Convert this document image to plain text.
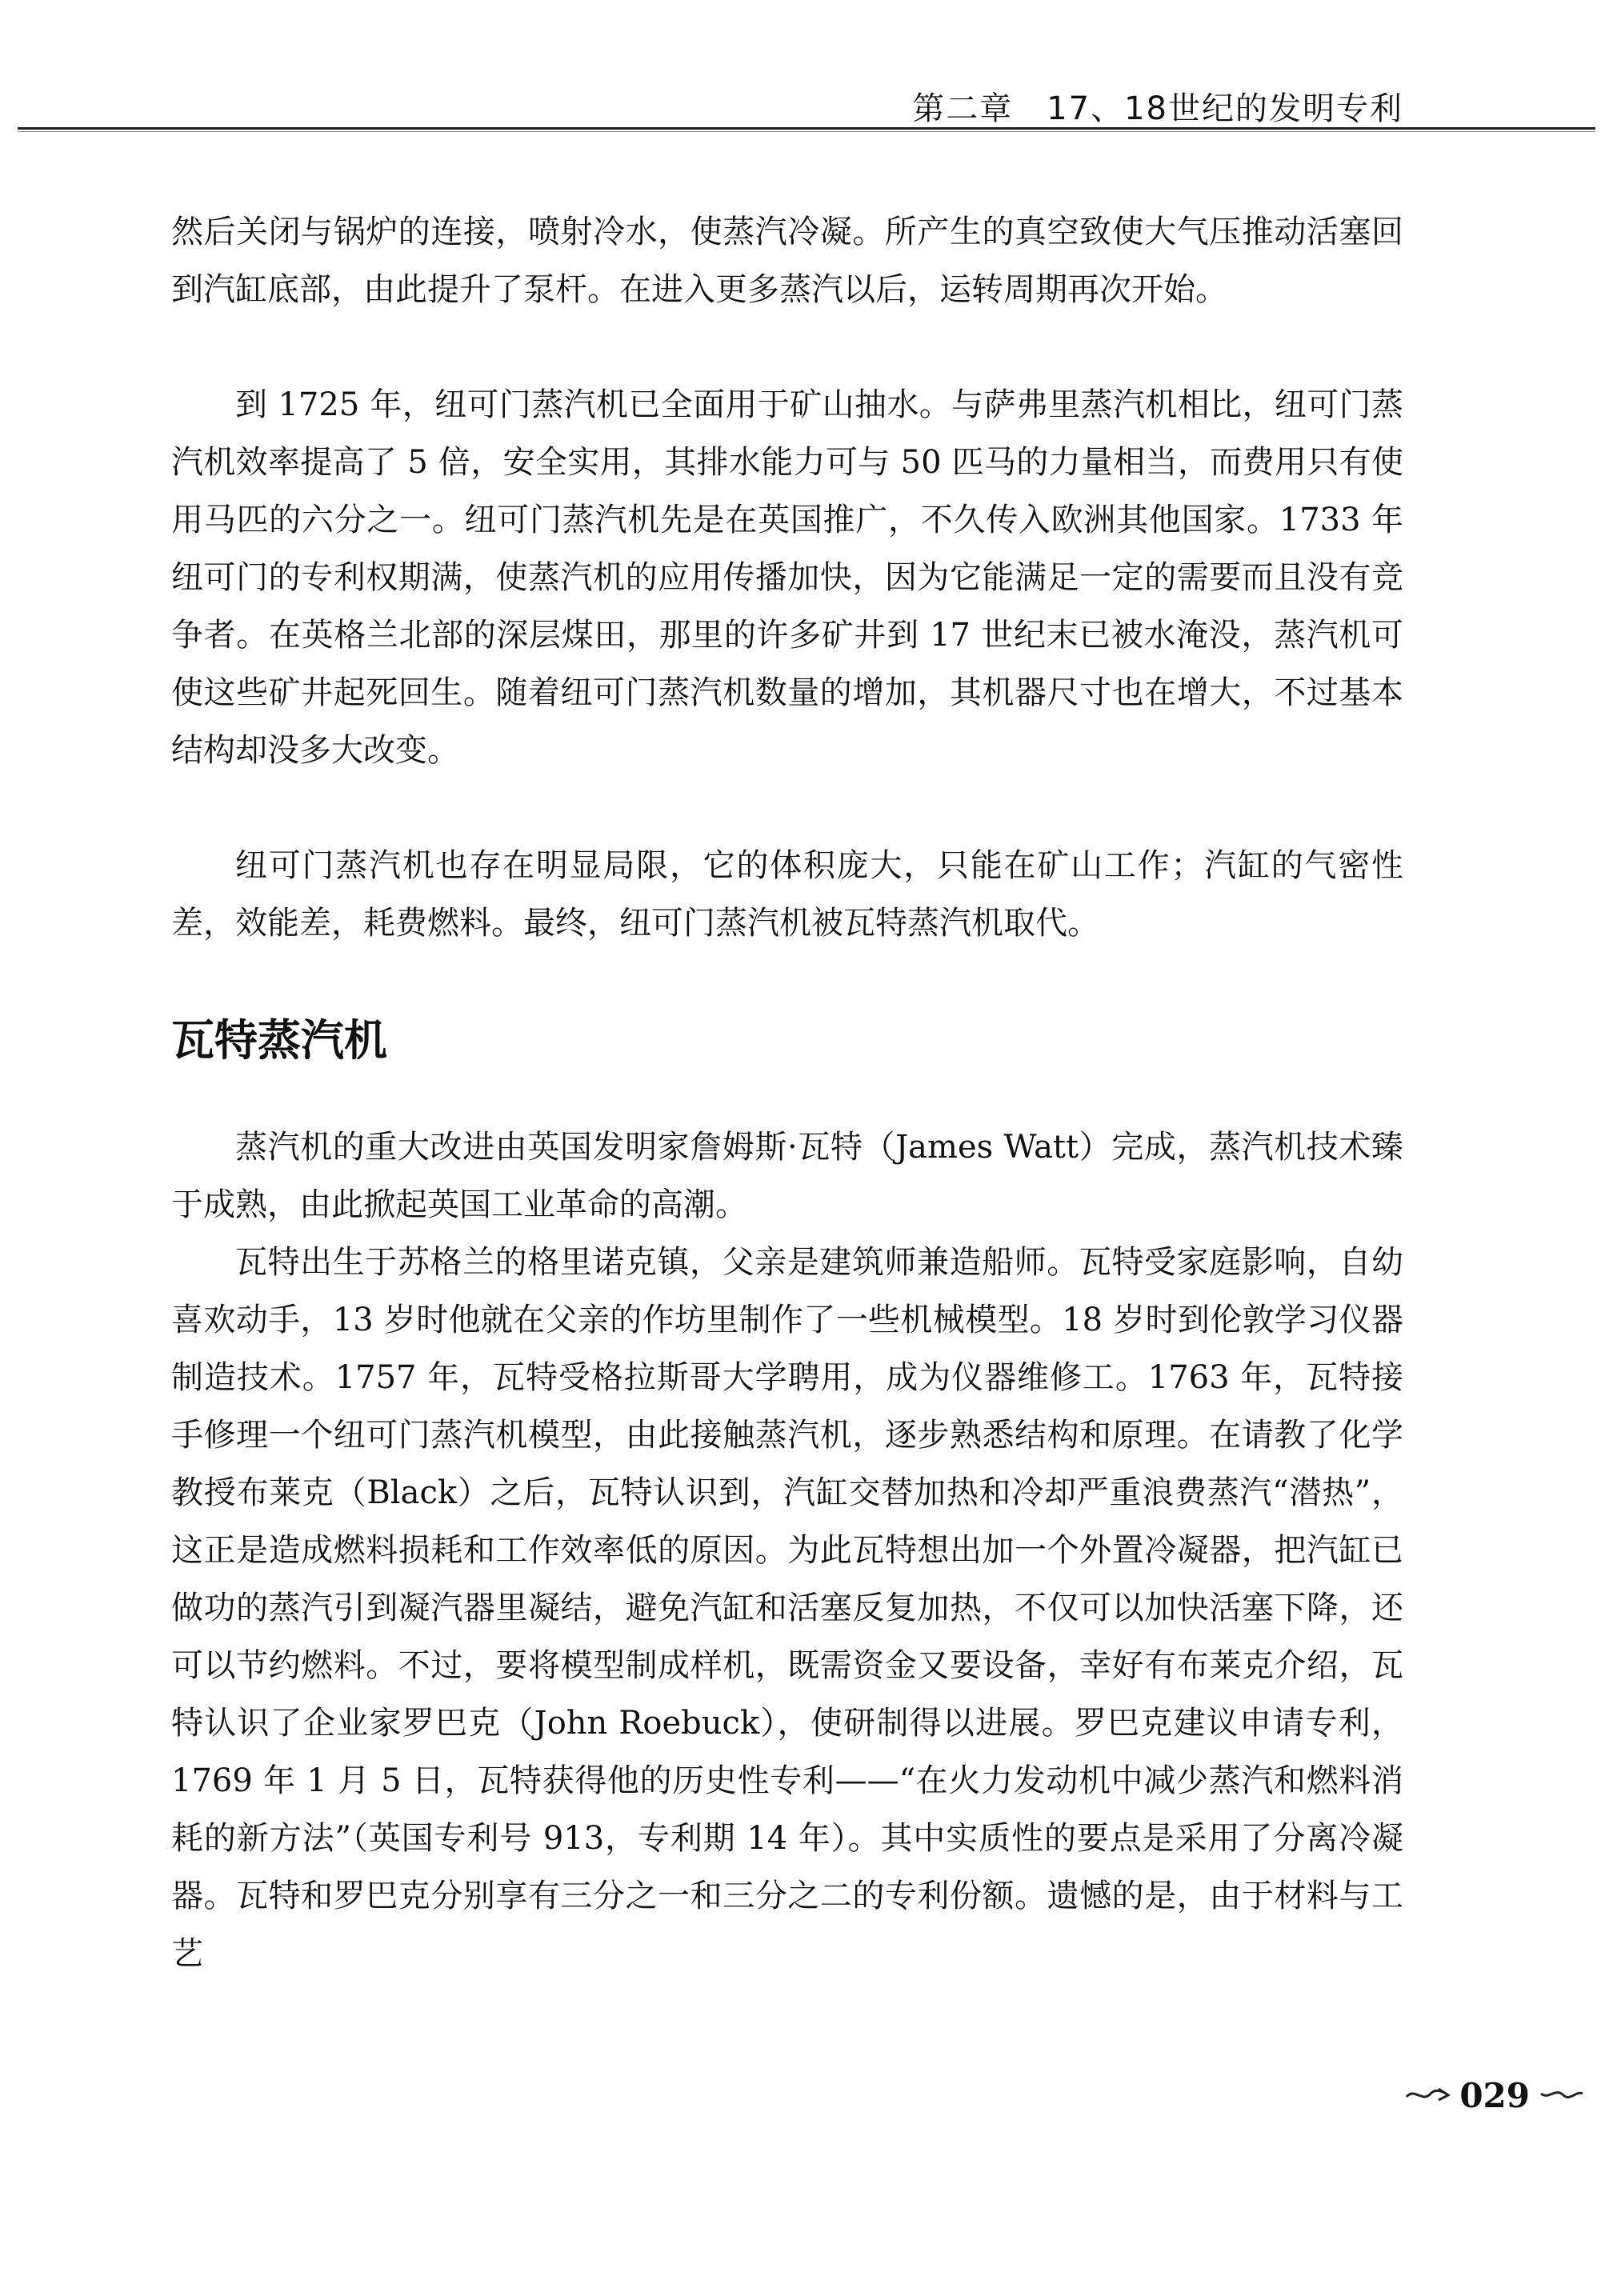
第二章　17、18世纪的发明专利

然后关闭与锅炉的连接，喷射冷水，使蒸汽冷凝。所产生的真空致使大气压推动活塞回到汽缸底部，由此提升了泵杆。在进入更多蒸汽以后，运转周期再次开始。

到 1725 年，纽可门蒸汽机已全面用于矿山抽水。与萨弗里蒸汽机相比，纽可门蒸汽机效率提高了 5 倍，安全实用，其排水能力可与 50 匹马的力量相当，而费用只有使用马匹的六分之一。纽可门蒸汽机先是在英国推广，不久传入欧洲其他国家。1733 年纽可门的专利权期满，使蒸汽机的应用传播加快，因为它能满足一定的需要而且没有竞争者。在英格兰北部的深层煤田，那里的许多矿井到 17 世纪末已被水淹没，蒸汽机可使这些矿井起死回生。随着纽可门蒸汽机数量的增加，其机器尺寸也在增大，不过基本结构却没多大改变。

纽可门蒸汽机也存在明显局限，它的体积庞大，只能在矿山工作；汽缸的气密性差，效能差，耗费燃料。最终，纽可门蒸汽机被瓦特蒸汽机取代。

瓦特蒸汽机

蒸汽机的重大改进由英国发明家詹姆斯·瓦特（James Watt）完成，蒸汽机技术臻于成熟，由此掀起英国工业革命的高潮。

瓦特出生于苏格兰的格里诺克镇，父亲是建筑师兼造船师。瓦特受家庭影响，自幼喜欢动手，13 岁时他就在父亲的作坊里制作了一些机械模型。18 岁时到伦敦学习仪器制造技术。1757 年，瓦特受格拉斯哥大学聘用，成为仪器维修工。1763 年，瓦特接手修理一个纽可门蒸汽机模型，由此接触蒸汽机，逐步熟悉结构和原理。在请教了化学教授布莱克（Black）之后，瓦特认识到，汽缸交替加热和冷却严重浪费蒸汽“潜热”，这正是造成燃料损耗和工作效率低的原因。为此瓦特想出加一个外置冷凝器，把汽缸已做功的蒸汽引到凝汽器里凝结，避免汽缸和活塞反复加热，不仅可以加快活塞下降，还可以节约燃料。不过，要将模型制成样机，既需资金又要设备，幸好有布莱克介绍，瓦特认识了企业家罗巴克（John Roebuck），使研制得以进展。罗巴克建议申请专利，1769 年 1 月 5 日，瓦特获得他的历史性专利——“在火力发动机中减少蒸汽和燃料消耗的新方法”（英国专利号 913，专利期 14 年）。其中实质性的要点是采用了分离冷凝器。瓦特和罗巴克分别享有三分之一和三分之二的专利份额。遗憾的是，由于材料与工艺

029
